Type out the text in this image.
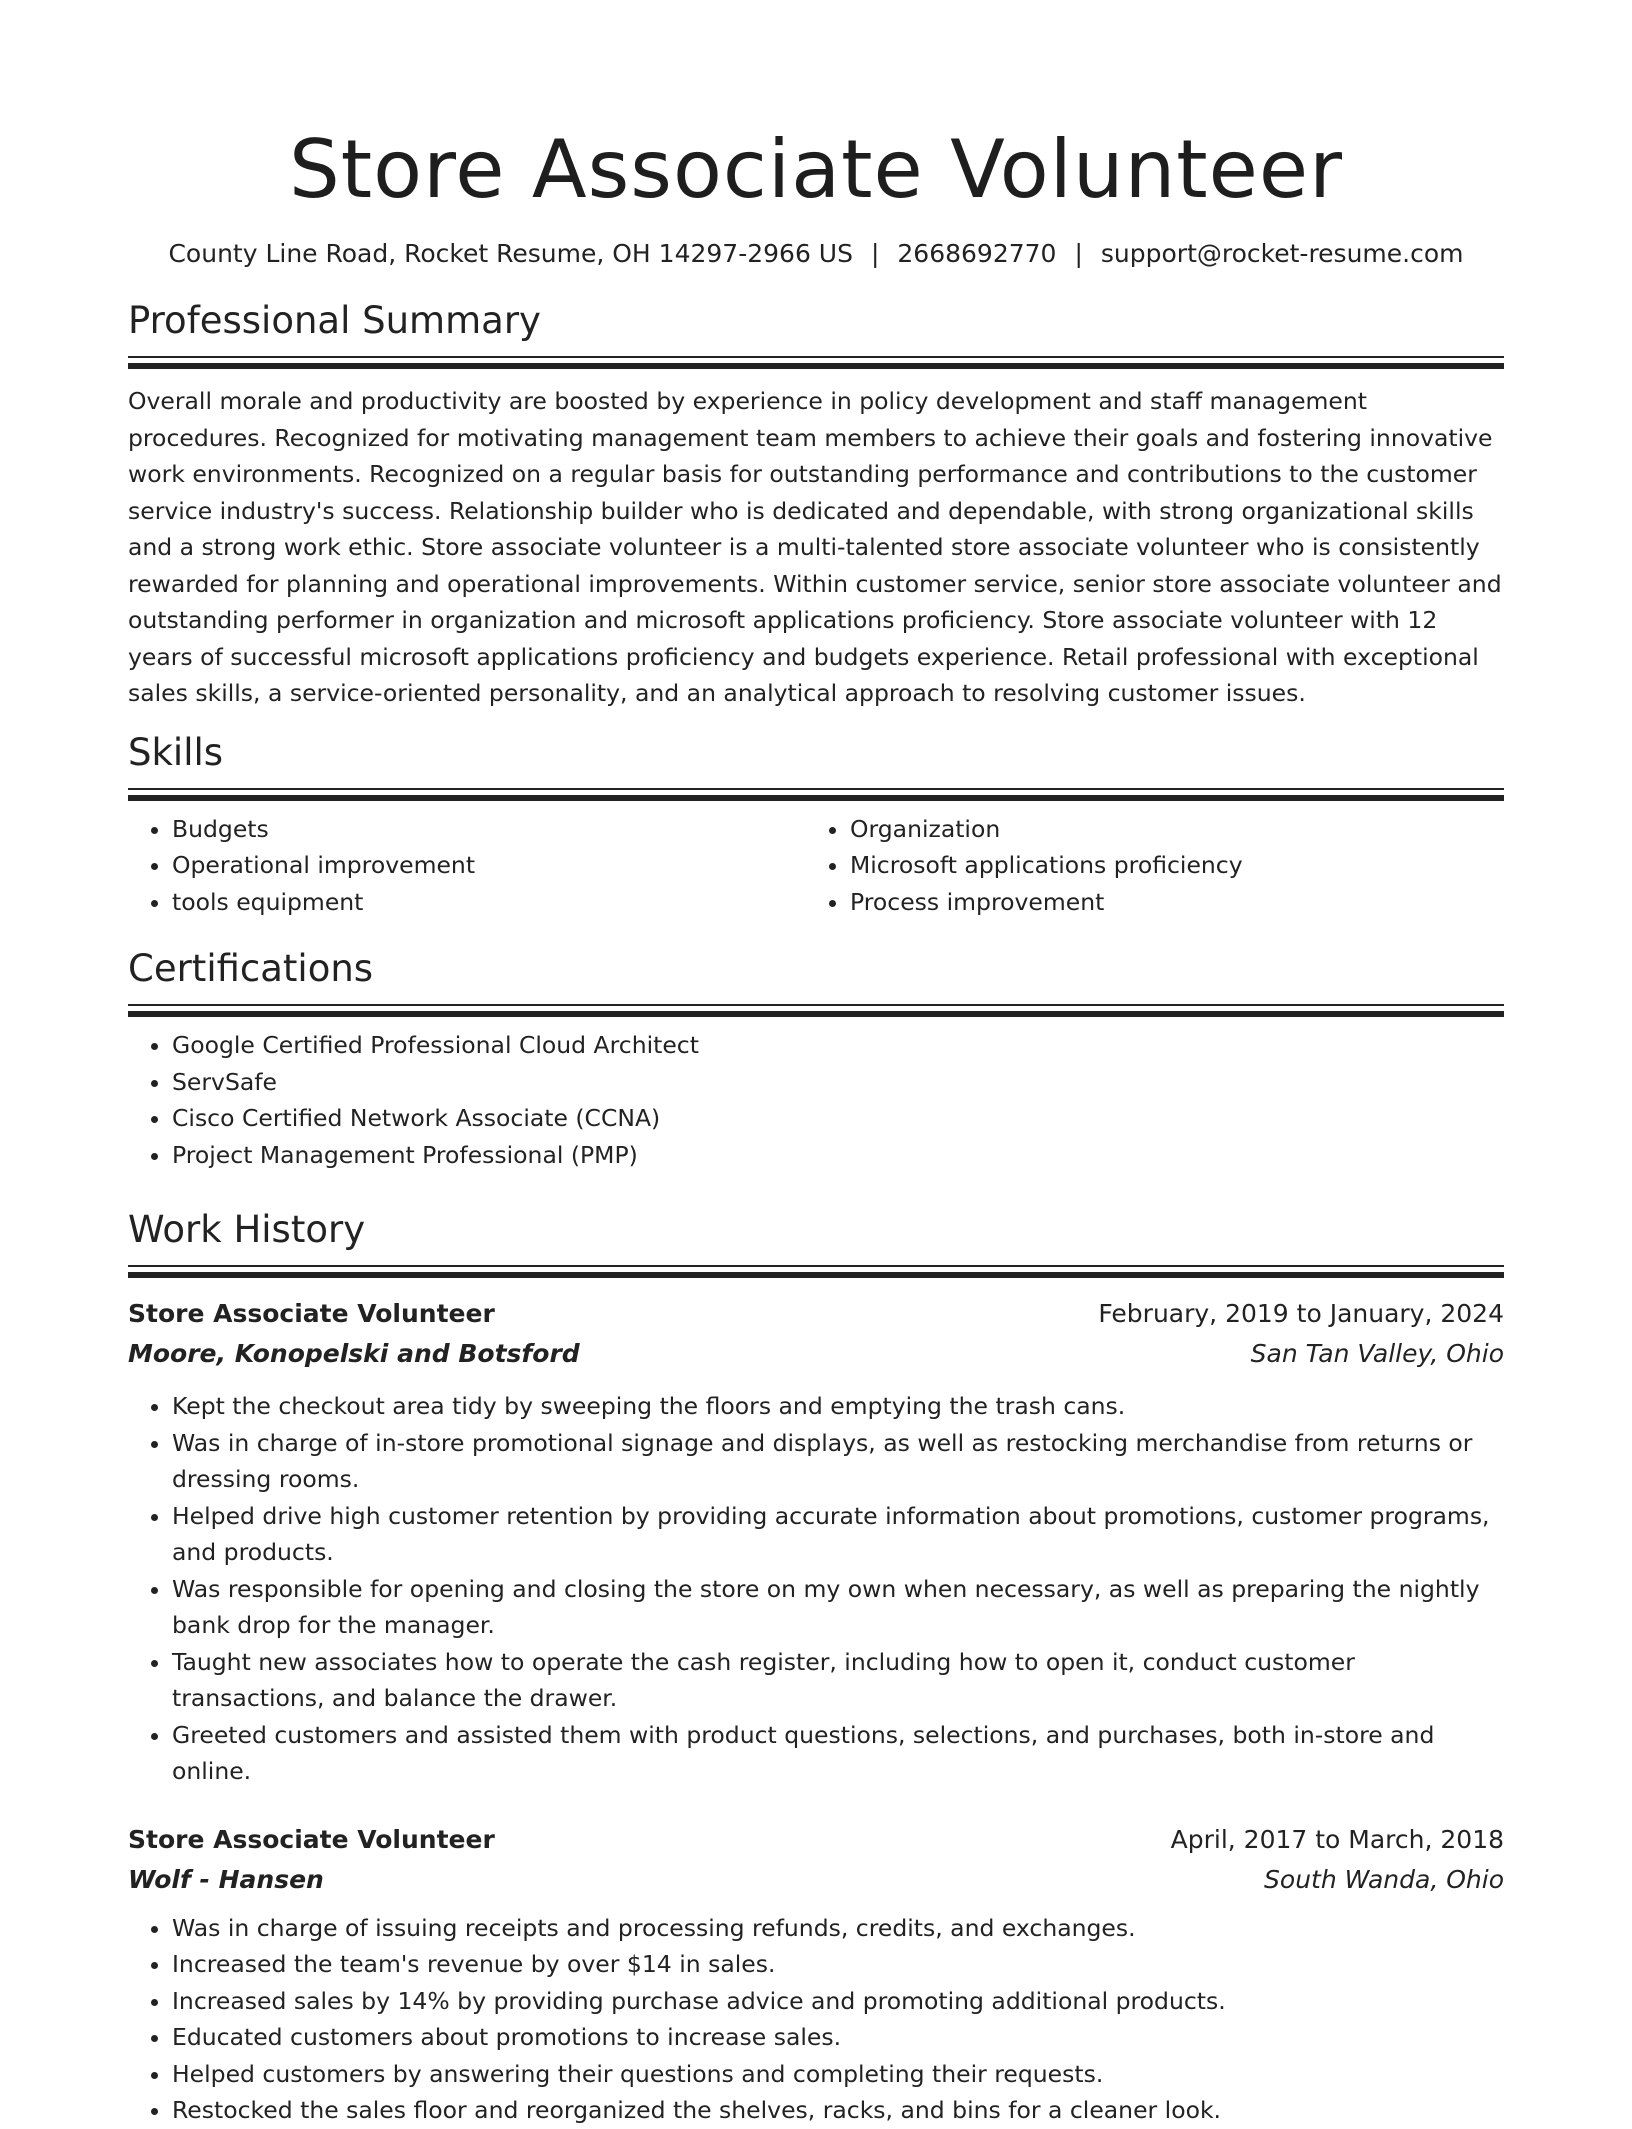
Store Associate Volunteer
County Line Road, Rocket Resume, OH 14297-2966 US | 2668692770 | support@rocket-resume.com
Professional Summary

Overall morale and productivity are boosted by experience in policy development and staff management procedures. Recognized for motivating management team members to achieve their goals and fostering innovative work environments. Recognized on a regular basis for outstanding performance and contributions to the customer service industry's success. Relationship builder who is dedicated and dependable, with strong organizational skills and a strong work ethic. Store associate volunteer is a multi-talented store associate volunteer who is consistently rewarded for planning and operational improvements. Within customer service, senior store associate volunteer and outstanding performer in organization and microsoft applications proficiency. Store associate volunteer with 12 years of successful microsoft applications proficiency and budgets experience. Retail professional with exceptional sales skills, a service-oriented personality, and an analytical approach to resolving customer issues.

Skills
• Budgets
• Operational improvement
• tools equipment
• Organization
• Microsoft applications proficiency
• Process improvement
Certifications
• Google Certified Professional Cloud Architect
• ServSafe
• Cisco Certified Network Associate (CCNA)
• Project Management Professional (PMP)
Work History
Store Associate Volunteer	February, 2019 to January, 2024
Moore, Konopelski and Botsford	San Tan Valley, Ohio
• Kept the checkout area tidy by sweeping the floors and emptying the trash cans.
• Was in charge of in-store promotional signage and displays, as well as restocking merchandise from returns or dressing rooms.
• Helped drive high customer retention by providing accurate information about promotions, customer programs, and products.
• Was responsible for opening and closing the store on my own when necessary, as well as preparing the nightly bank drop for the manager.
• Taught new associates how to operate the cash register, including how to open it, conduct customer transactions, and balance the drawer.
• Greeted customers and assisted them with product questions, selections, and purchases, both in-store and online.
Store Associate Volunteer	April, 2017 to March, 2018
Wolf - Hansen	South Wanda, Ohio
• Was in charge of issuing receipts and processing refunds, credits, and exchanges.
• Increased the team's revenue by over $14 in sales.
• Increased sales by 14% by providing purchase advice and promoting additional products.
• Educated customers about promotions to increase sales.
• Helped customers by answering their questions and completing their requests.
• Restocked the sales floor and reorganized the shelves, racks, and bins for a cleaner look.
